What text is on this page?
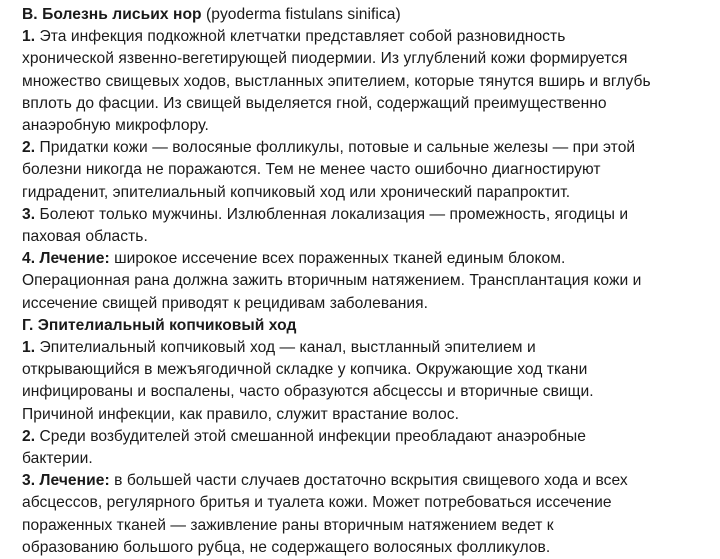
В. Болезнь лисьих нор (pyoderma fistulans sinifica)
1. Эта инфекция подкожной клетчатки представляет собой разновидность
хронической язвенно-вегетирующей пиодермии. Из углублений кожи формируется
множество свищевых ходов, выстланных эпителием, которые тянутся вширь и вглубь
вплоть до фасции. Из свищей выделяется гной, содержащий преимущественно
анаэробную микрофлору.
2. Придатки кожи — волосяные фолликулы, потовые и сальные железы — при этой
болезни никогда не поражаются. Тем не менее часто ошибочно диагностируют
гидраденит, эпителиальный копчиковый ход или хронический парапроктит.
3. Болеют только мужчины. Излюбленная локализация — промежность, ягодицы и
паховая область.
4. Лечение: широкое иссечение всех пораженных тканей единым блоком.
Операционная рана должна зажить вторичным натяжением. Трансплантация кожи и
иссечение свищей приводят к рецидивам заболевания.
Г. Эпителиальный копчиковый ход
1. Эпителиальный копчиковый ход — канал, выстланный эпителием и
открывающийся в межъягодичной складке у копчика. Окружающие ход ткани
инфицированы и воспалены, часто образуются абсцессы и вторичные свищи.
Причиной инфекции, как правило, служит врастание волос.
2. Среди возбудителей этой смешанной инфекции преобладают анаэробные
бактерии.
3. Лечение: в большей части случаев достаточно вскрытия свищевого хода и всех
абсцессов, регулярного бритья и туалета кожи. Может потребоваться иссечение
пораженных тканей — заживление раны вторичным натяжением ведет к
образованию большого рубца, не содержащего волосяных фолликулов.
